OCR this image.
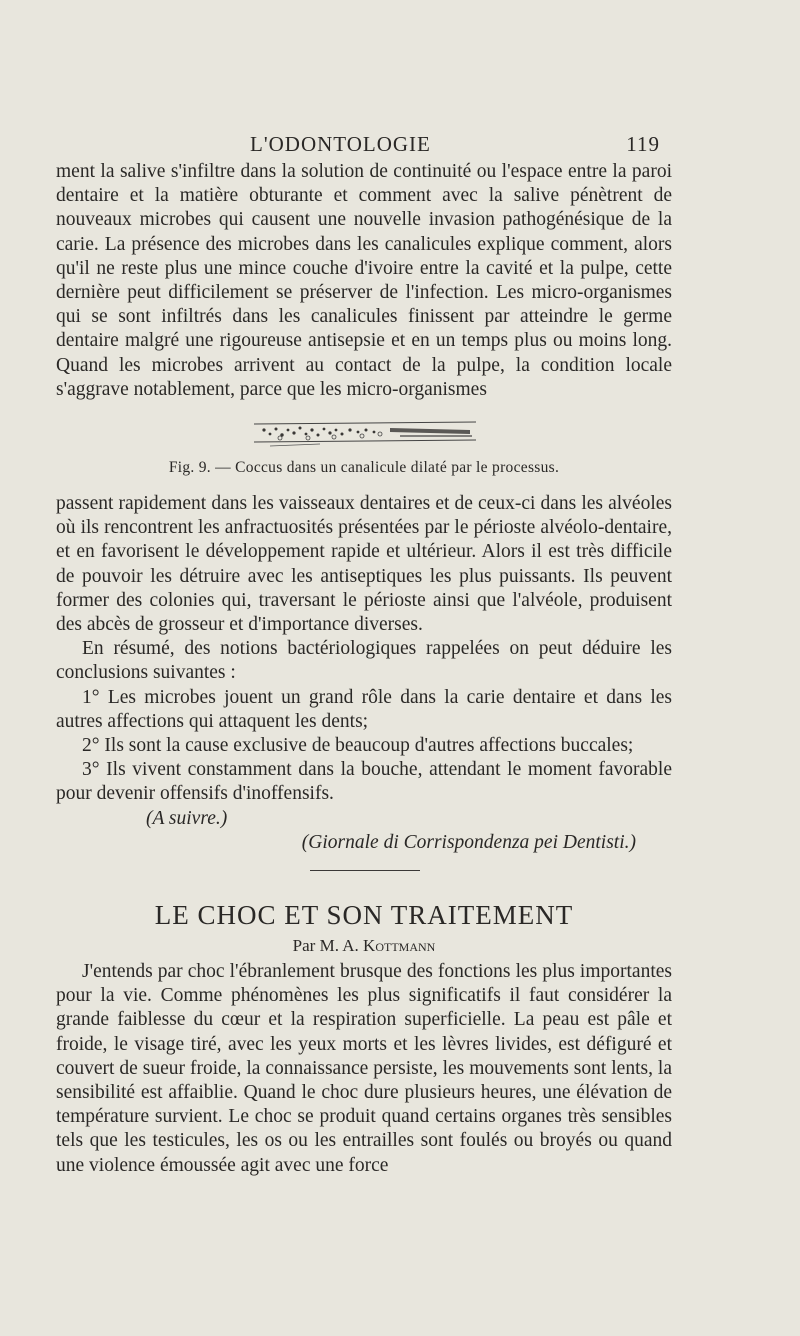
L'ODONTOLOGIE	119

ment la salive s'infiltre dans la solution de continuité ou l'espace entre la paroi dentaire et la matière obturante et comment avec la salive pénètrent de nouveaux microbes qui causent une nouvelle invasion pathogénésique de la carie. La présence des microbes dans les canalicules explique comment, alors qu'il ne reste plus une mince couche d'ivoire entre la cavité et la pulpe, cette dernière peut difficilement se préserver de l'infection. Les micro-organismes qui se sont infiltrés dans les canalicules finissent par atteindre le germe dentaire malgré une rigoureuse antisepsie et en un temps plus ou moins long. Quand les microbes arrivent au contact de la pulpe, la condition locale s'aggrave notablement, parce que les micro-organismes

Fig. 9. — Coccus dans un canalicule dilaté par le processus.

passent rapidement dans les vaisseaux dentaires et de ceux-ci dans les alvéoles où ils rencontrent les anfractuosités présentées par le périoste alvéolo-dentaire, et en favorisent le développement rapide et ultérieur. Alors il est très difficile de pouvoir les détruire avec les antiseptiques les plus puissants. Ils peuvent former des colonies qui, traversant le périoste ainsi que l'alvéole, produisent des abcès de grosseur et d'importance diverses.

En résumé, des notions bactériologiques rappelées on peut déduire les conclusions suivantes :

1° Les microbes jouent un grand rôle dans la carie dentaire et dans les autres affections qui attaquent les dents;

2° Ils sont la cause exclusive de beaucoup d'autres affections buccales;

3° Ils vivent constamment dans la bouche, attendant le moment favorable pour devenir offensifs d'inoffensifs.

(A suivre.)

(Giornale di Corrispondenza pei Dentisti.)

LE CHOC ET SON TRAITEMENT
Par M. A. Kottmann

J'entends par choc l'ébranlement brusque des fonctions les plus importantes pour la vie. Comme phénomènes les plus significatifs il faut considérer la grande faiblesse du cœur et la respiration superficielle. La peau est pâle et froide, le visage tiré, avec les yeux morts et les lèvres livides, est défiguré et couvert de sueur froide, la connaissance persiste, les mouvements sont lents, la sensibilité est affaiblie. Quand le choc dure plusieurs heures, une élévation de température survient. Le choc se produit quand certains organes très sensibles tels que les testicules, les os ou les entrailles sont foulés ou broyés ou quand une violence émoussée agit avec une force
